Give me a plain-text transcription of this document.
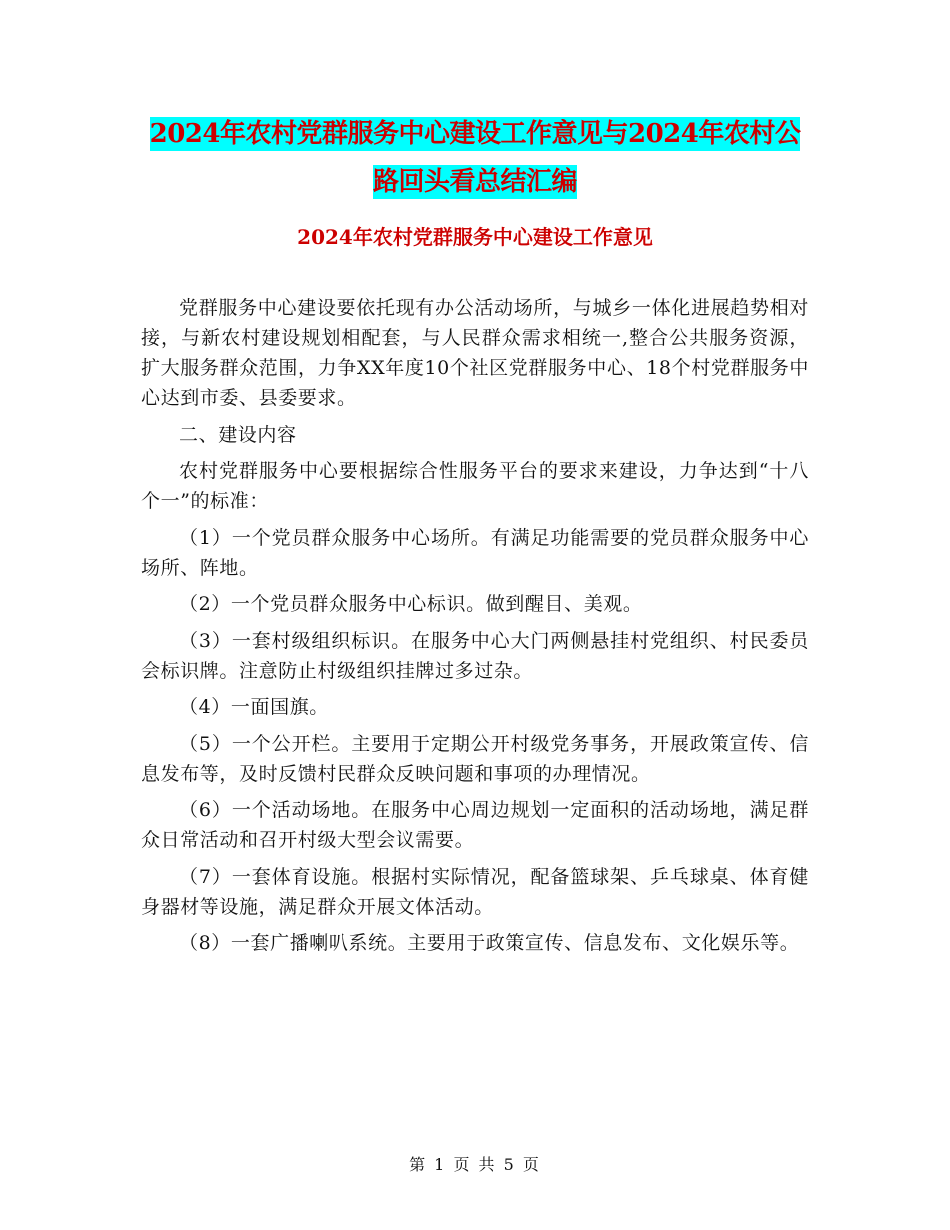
2024年农村党群服务中心建设工作意见与2024年农村公路回头看总结汇编
2024年农村党群服务中心建设工作意见

党群服务中心建设要依托现有办公活动场所，与城乡一体化进展趋势相对接，与新农村建设规划相配套，与人民群众需求相统一,整合公共服务资源，扩大服务群众范围，力争XX年度10个社区党群服务中心、18个村党群服务中心达到市委、县委要求。

二、建设内容

农村党群服务中心要根据综合性服务平台的要求来建设，力争达到“十八个一”的标准：

（1）一个党员群众服务中心场所。有满足功能需要的党员群众服务中心场所、阵地。

（2）一个党员群众服务中心标识。做到醒目、美观。

（3）一套村级组织标识。在服务中心大门两侧悬挂村党组织、村民委员会标识牌。注意防止村级组织挂牌过多过杂。

（4）一面国旗。

（5）一个公开栏。主要用于定期公开村级党务事务，开展政策宣传、信息发布等，及时反馈村民群众反映问题和事项的办理情况。

（6）一个活动场地。在服务中心周边规划一定面积的活动场地，满足群众日常活动和召开村级大型会议需要。

（7）一套体育设施。根据村实际情况，配备篮球架、乒乓球桌、体育健身器材等设施，满足群众开展文体活动。

（8）一套广播喇叭系统。主要用于政策宣传、信息发布、文化娱乐等。

第 1 页 共 5 页
